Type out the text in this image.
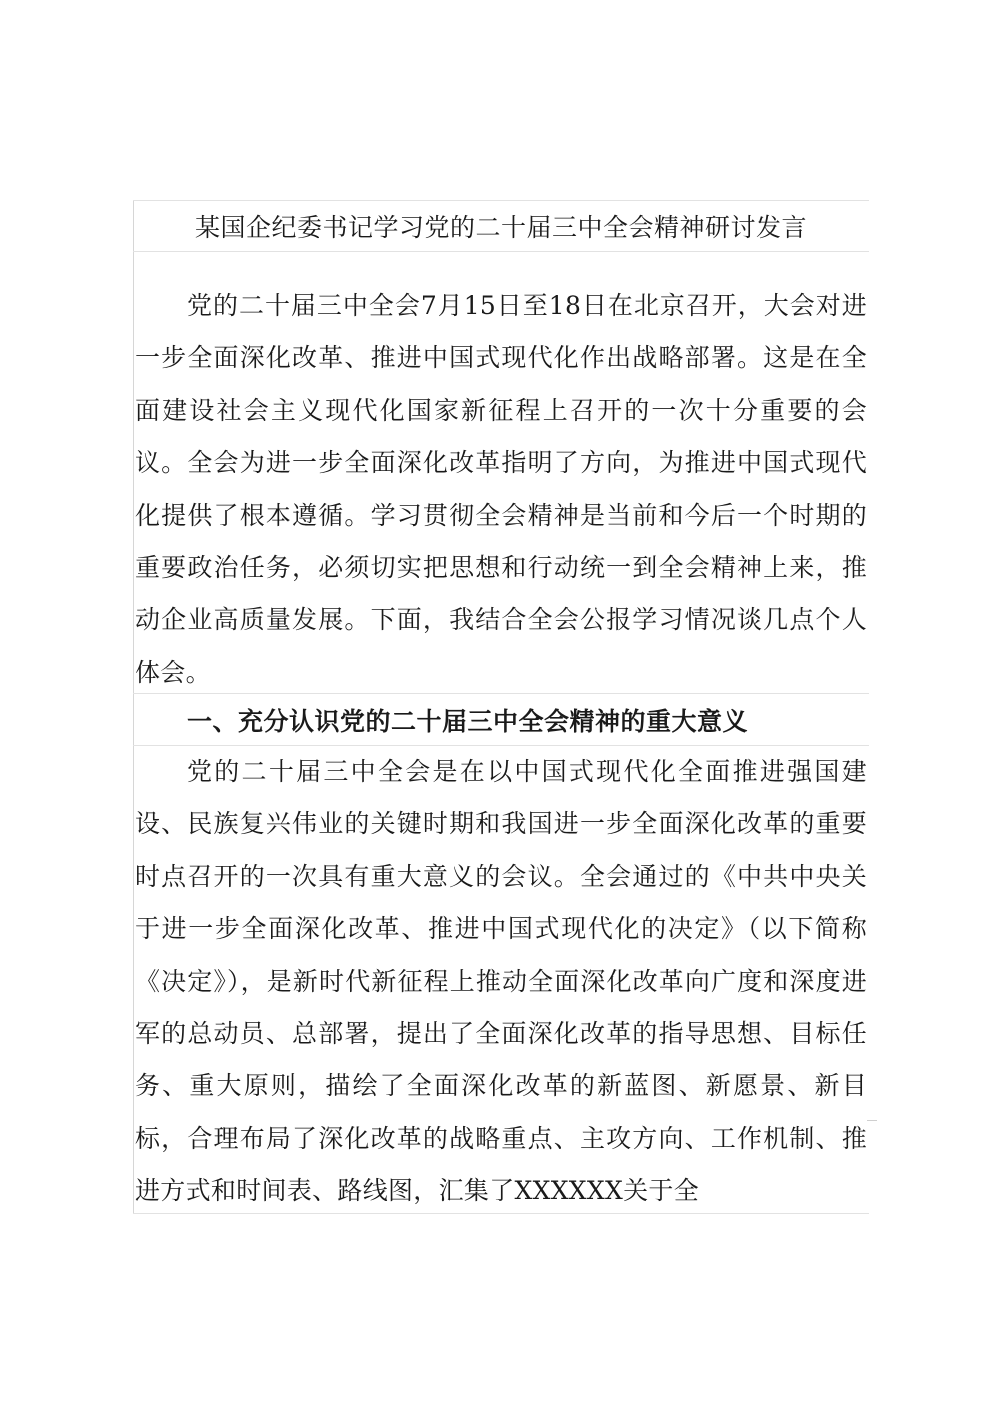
某国企纪委书记学习党的二十届三中全会精神研讨发言

党的二十届三中全会7月15日至18日在北京召开，大会对进一步全面深化改革、推进中国式现代化作出战略部署。这是在全面建设社会主义现代化国家新征程上召开的一次十分重要的会议。全会为进一步全面深化改革指明了方向，为推进中国式现代化提供了根本遵循。学习贯彻全会精神是当前和今后一个时期的重要政治任务，必须切实把思想和行动统一到全会精神上来，推动企业高质量发展。下面，我结合全会公报学习情况谈几点个人体会。

一、充分认识党的二十届三中全会精神的重大意义

党的二十届三中全会是在以中国式现代化全面推进强国建设、民族复兴伟业的关键时期和我国进一步全面深化改革的重要时点召开的一次具有重大意义的会议。全会通过的《中共中央关于进一步全面深化改革、推进中国式现代化的决定》（以下简称《决定》），是新时代新征程上推动全面深化改革向广度和深度进军的总动员、总部署，提出了全面深化改革的指导思想、目标任务、重大原则，描绘了全面深化改革的新蓝图、新愿景、新目标，合理布局了深化改革的战略重点、主攻方向、工作机制、推进方式和时间表、路线图，汇集了XXXXXX关于全
